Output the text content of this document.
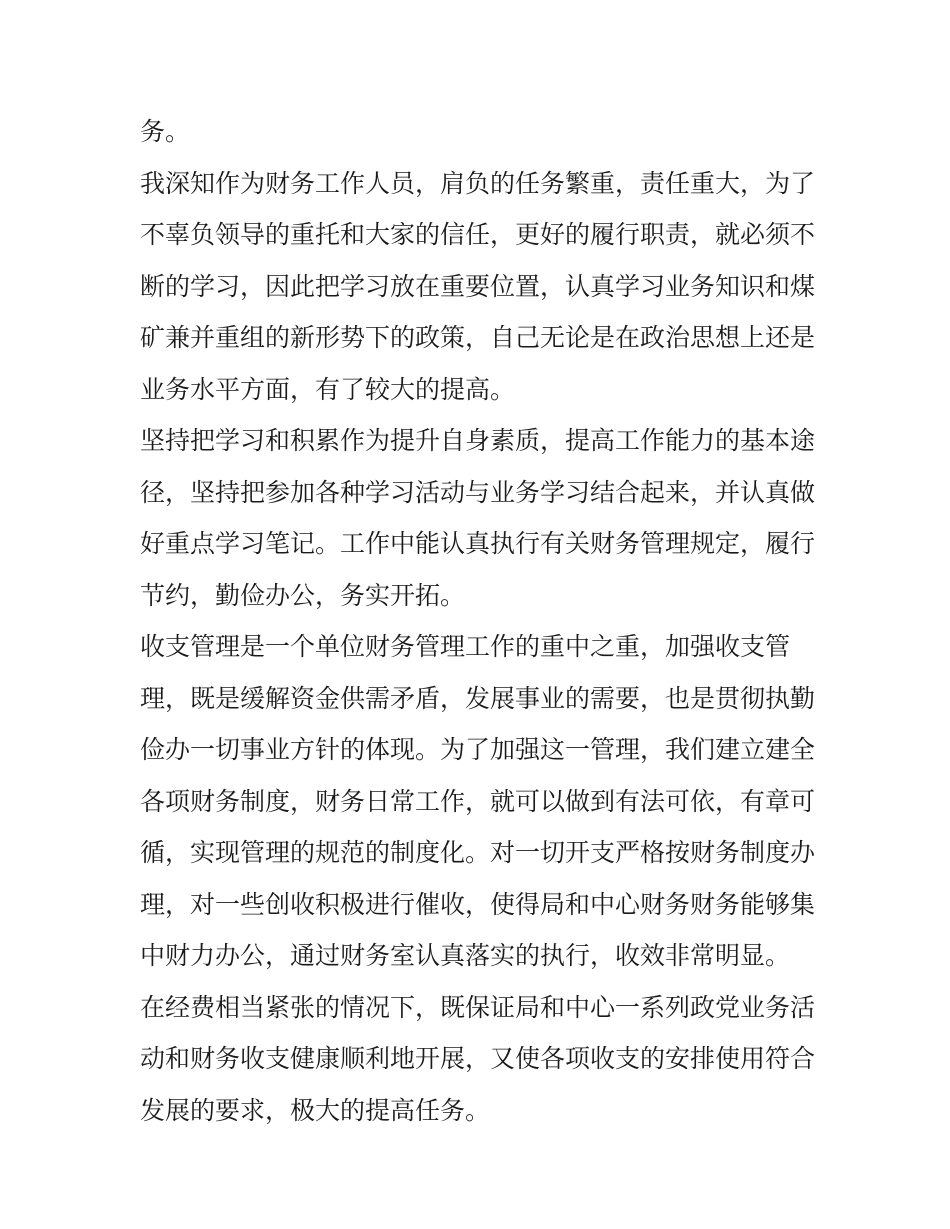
务。
我深知作为财务工作人员，肩负的任务繁重，责任重大，为了
不辜负领导的重托和大家的信任，更好的履行职责，就必须不
断的学习，因此把学习放在重要位置，认真学习业务知识和煤
矿兼并重组的新形势下的政策，自己无论是在政治思想上还是
业务水平方面，有了较大的提高。
坚持把学习和积累作为提升自身素质，提高工作能力的基本途
径，坚持把参加各种学习活动与业务学习结合起来，并认真做
好重点学习笔记。工作中能认真执行有关财务管理规定，履行
节约，勤俭办公，务实开拓。
收支管理是一个单位财务管理工作的重中之重，加强收支管
理，既是缓解资金供需矛盾，发展事业的需要，也是贯彻执勤
俭办一切事业方针的体现。为了加强这一管理，我们建立建全
各项财务制度，财务日常工作，就可以做到有法可依，有章可
循，实现管理的规范的制度化。对一切开支严格按财务制度办
理，对一些创收积极进行催收，使得局和中心财务财务能够集
中财力办公，通过财务室认真落实的执行，收效非常明显。
在经费相当紧张的情况下，既保证局和中心一系列政党业务活
动和财务收支健康顺利地开展，又使各项收支的安排使用符合
发展的要求，极大的提高任务。
